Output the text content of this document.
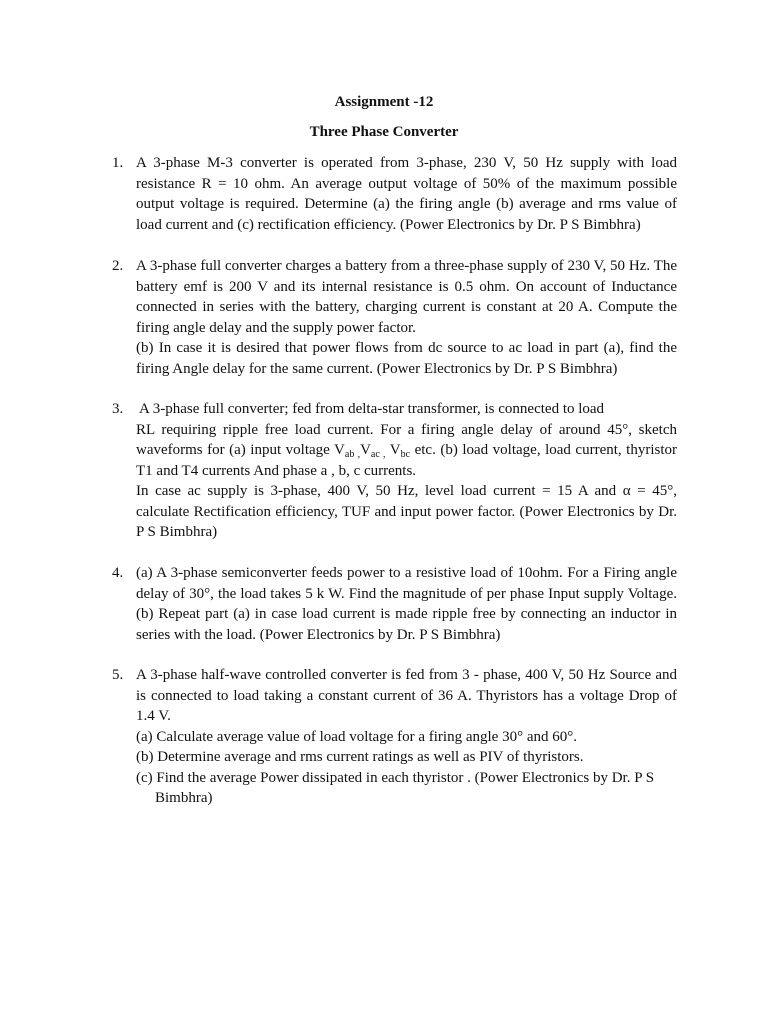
Assignment -12
Three Phase Converter
1. A 3-phase M-3 converter is operated from 3-phase, 230 V, 50 Hz supply with load
resistance R = 10 ohm. An average output voltage of 50% of the maximum possible
output voltage is required. Determine (a) the firing angle (b) average and rms value of
load current and (c) rectification efficiency. (Power Electronics by Dr. P S Bimbhra)
2. A 3-phase full converter charges a battery from a three-phase supply of 230 V, 50 Hz. The
battery emf is 200 V and its internal resistance is 0.5 ohm. On account of Inductance
connected in series with the battery, charging current is constant at 20 A. Compute the
firing angle delay and the supply power factor.
(b) In case it is desired that power flows from dc source to ac load in part (a), find the
firing Angle delay for the same current. (Power Electronics by Dr. P S Bimbhra)
3. A 3-phase full converter; fed from delta-star transformer, is connected to load
RL requiring ripple free load current. For a firing angle delay of around 45°, sketch
waveforms for (a) input voltage $V_{ab ,}V_{ac ,}$ $V_{bc}$ etc. (b) load voltage, load current, thyristor
T1 and T4 currents And phase a , b, c currents.
In case ac supply is 3-phase, 400 V, 50 Hz, level load current = 15 A and α = 45°,
calculate Rectification efficiency, TUF and input power factor. (Power Electronics by Dr.
P S Bimbhra)
4. (a) A 3-phase semiconverter feeds power to a resistive load of 10ohm. For a Firing angle
delay of 30°, the load takes 5 k W. Find the magnitude of per phase Input supply Voltage.
(b) Repeat part (a) in case load current is made ripple free by connecting an inductor in
series with the load. (Power Electronics by Dr. P S Bimbhra)
5. A 3-phase half-wave controlled converter is fed from 3 - phase, 400 V, 50 Hz Source and
is connected to load taking a constant current of 36 A. Thyristors has a voltage Drop of
1.4 V.
(a) Calculate average value of load voltage for a firing angle 30° and 60°.
(b) Determine average and rms current ratings as well as PIV of thyristors.
(c) Find the average Power dissipated in each thyristor . (Power Electronics by Dr. P S
Bimbhra)
